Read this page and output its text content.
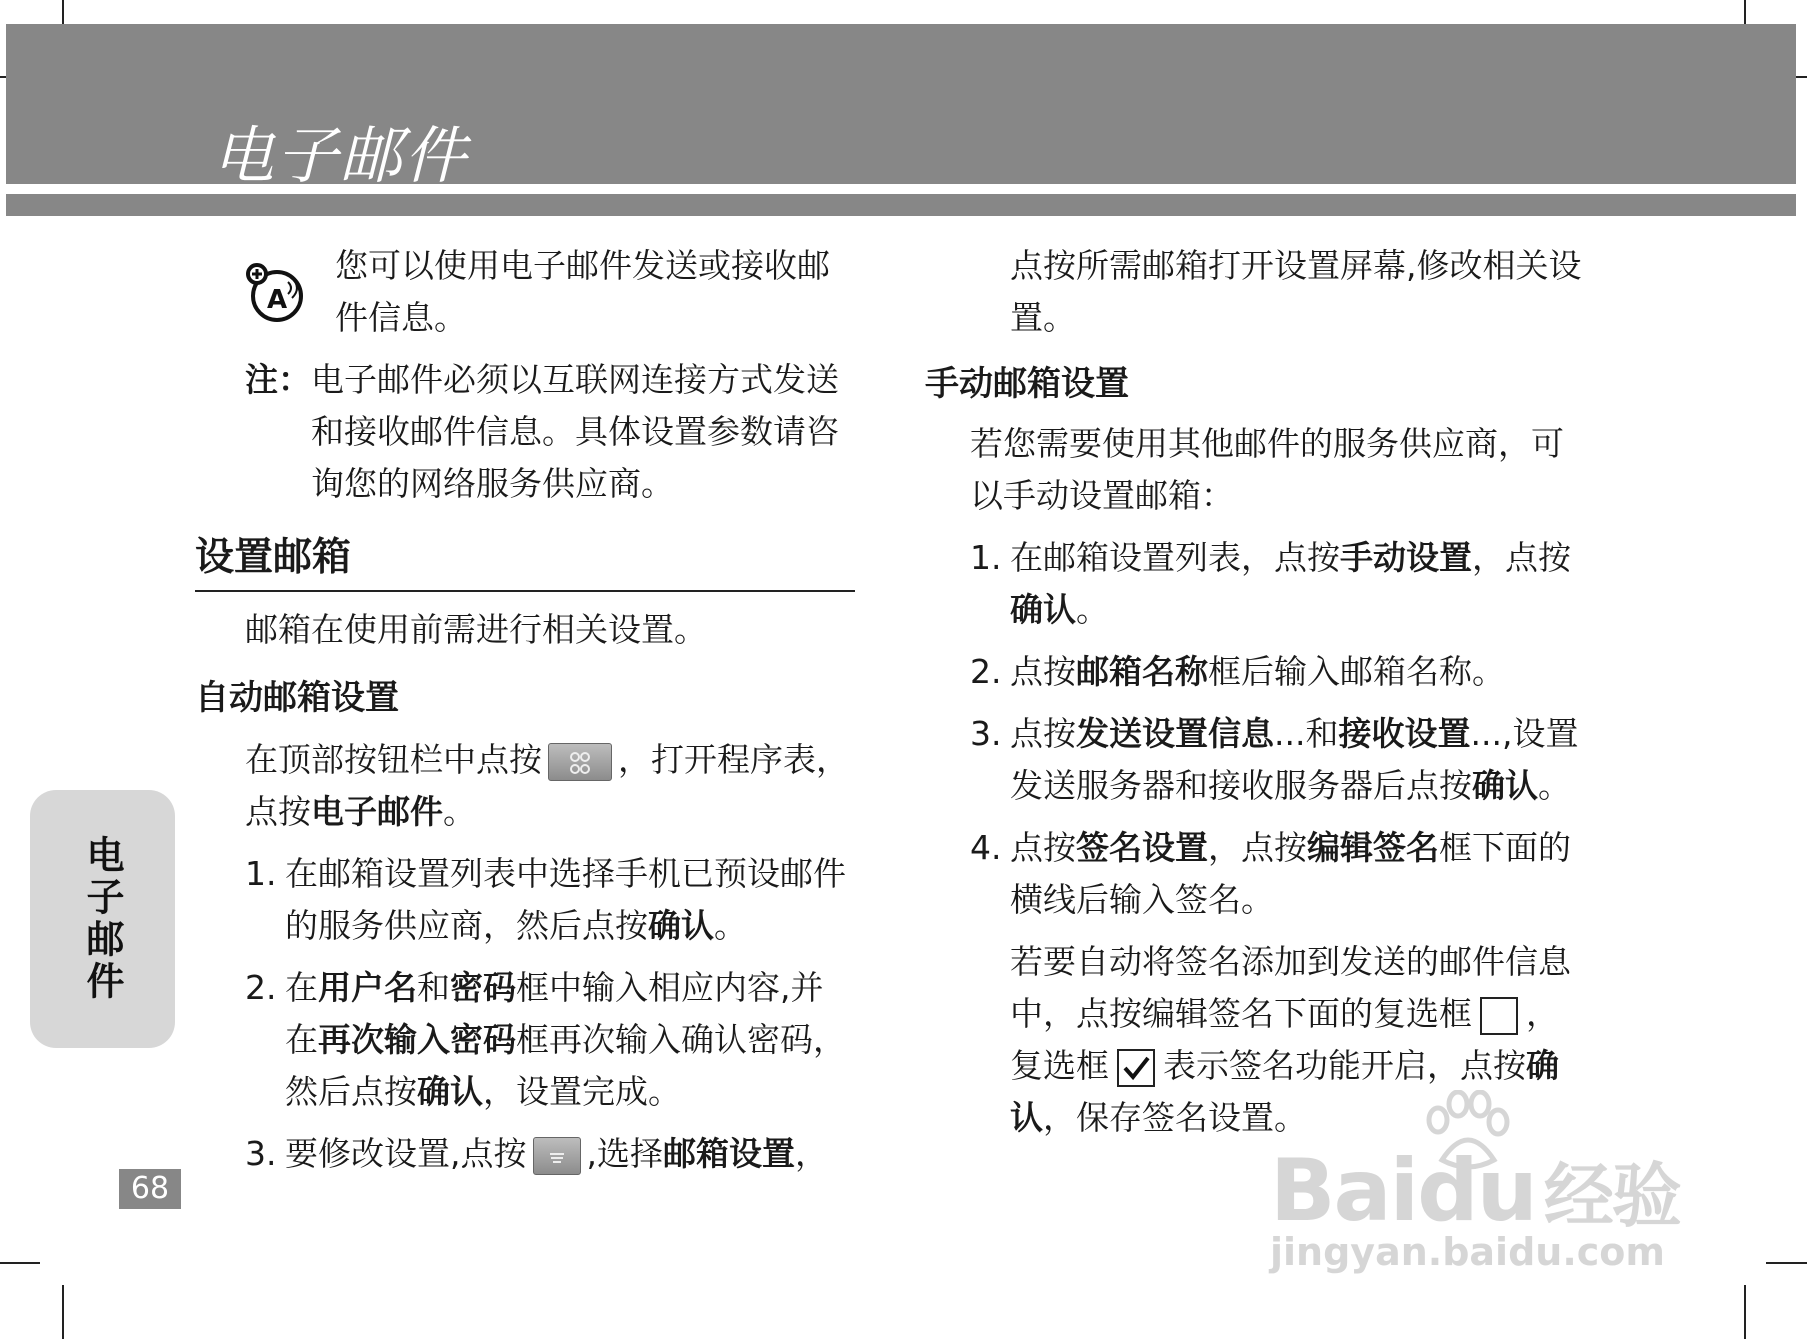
电子邮件
电子邮件
68
A

您可以使用电子邮件发送或接收邮件信息。

注： 电子邮件必须以互联网连接方式发送和接收邮件信息。具体设置参数请咨询您的网络服务供应商。

设置邮箱

邮箱在使用前需进行相关设置。

自动邮箱设置

在顶部按钮栏中点按 ，打开程序表，点按电子邮件。

1. 在邮箱设置列表中选择手机已预设邮件的服务供应商，然后点按确认。
2. 在用户名和密码框中输入相应内容,并在再次输入密码框再次输入确认密码，然后点按确认，设置完成。
3. 要修改设置,点按 ,选择邮箱设置，

点按所需邮箱打开设置屏幕,修改相关设置。

手动邮箱设置

若您需要使用其他邮件的服务供应商，可以手动设置邮箱：

1. 在邮箱设置列表，点按手动设置，点按确认。
2. 点按邮箱名称框后输入邮箱名称。
3. 点按发送设置信息...和接收设置...,设置发送服务器和接收服务器后点按确认。
4. 点按签名设置，点按编辑签名框下面的横线后输入签名。

若要自动将签名添加到发送的邮件信息中，点按编辑签名下面的复选框 ，复选框 表示签名功能开启，点按确认，保存签名设置。

Baidu 经验
jingyan.baidu.com
